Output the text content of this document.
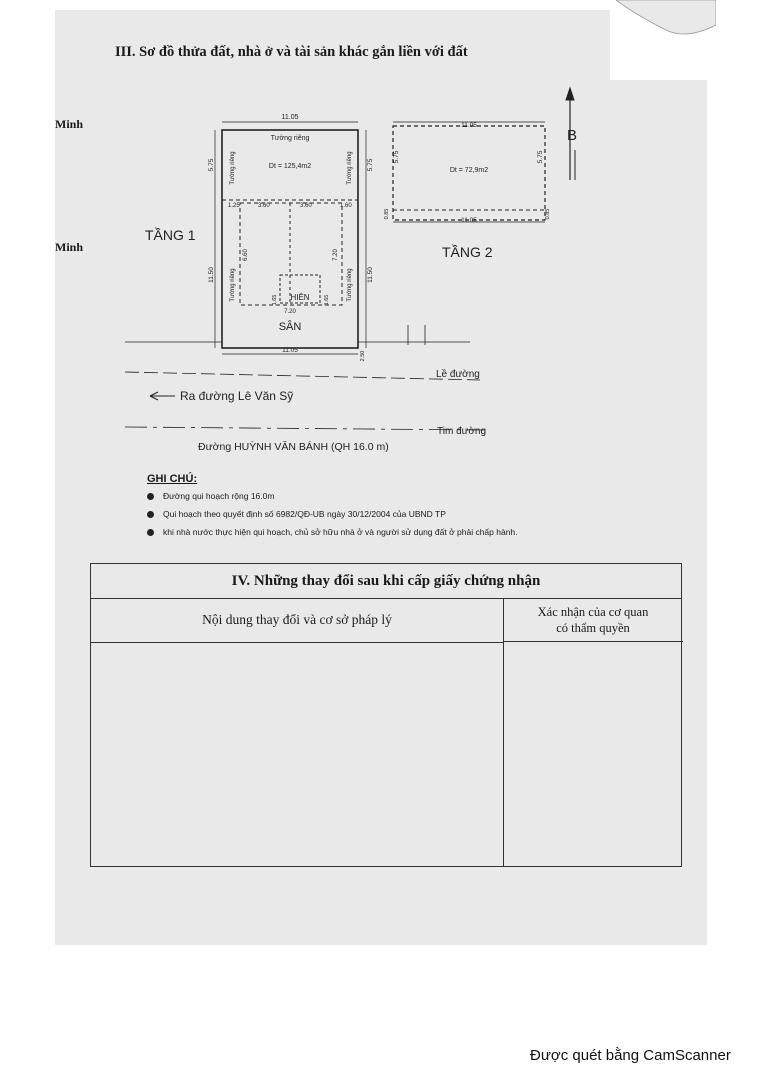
III. Sơ đồ thửa đất, nhà ở và tài sản khác gắn liền với đất
Minh
Minh
TẦNG 1
11.05
Tường riêng
Dt = 125,4m2
5.75	5.75
Tường riêng	Tường riêng
1.25	3.60	3.60	1.60
11.50	11.50
6.60	7.20
Tường riêng	Tường riêng
HIÊN
1.65	1.65
7.20
SÂN
11.05
2.50
TẦNG 2
11.05
11.05
Dt = 72,9m2
5.75	5.75
0.85	0.85
B
Lề đường
Ra đường Lê Văn Sỹ
Tim đường
Đường HUỲNH VĂN BÁNH (QH 16.0 m)
GHI CHÚ:
Đường qui hoạch rộng 16.0m
Qui hoạch theo quyết định số 6982/QĐ-UB ngày 30/12/2004 của UBND TP
khi nhà nước thực hiện qui hoạch, chủ sở hữu nhà ở và người sử dụng đất ở phải chấp hành.
IV. Những thay đổi sau khi cấp giấy chứng nhận
Nội dung thay đổi và cơ sở pháp lý	Xác nhận của cơ quan
có thẩm quyền
Được quét bằng CamScanner
